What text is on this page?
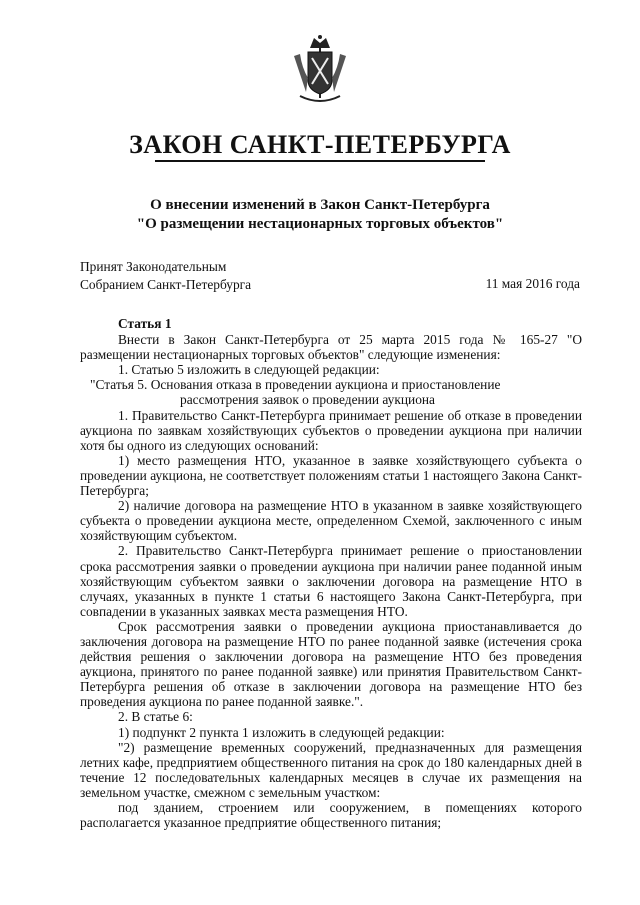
ЗАКОН САНКТ-ПЕТЕРБУРГА
О внесении изменений в Закон Санкт-Петербурга
"О размещении нестационарных торговых объектов"
Принят Законодательным
Собранием Санкт-Петербурга	11 мая 2016 года

Статья 1

Внести в Закон Санкт-Петербурга от 25 марта 2015 года № 165-27 "О размещении нестационарных торговых объектов" следующие изменения:

1. Статью 5 изложить в следующей редакции:

"Статья 5. Основания отказа в проведении аукциона и приостановление

рассмотрения заявок о проведении аукциона

1. Правительство Санкт-Петербурга принимает решение об отказе в проведении аукциона по заявкам хозяйствующих субъектов о проведении аукциона при наличии хотя бы одного из следующих оснований:

1) место размещения НТО, указанное в заявке хозяйствующего субъекта о проведении аукциона, не соответствует положениям статьи 1 настоящего Закона Санкт-Петербурга;

2) наличие договора на размещение НТО в указанном в заявке хозяйствующего субъекта о проведении аукциона месте, определенном Схемой, заключенного с иным хозяйствующим субъектом.

2. Правительство Санкт-Петербурга принимает решение о приостановлении срока рассмотрения заявки о проведении аукциона при наличии ранее поданной иным хозяйствующим субъектом заявки о заключении договора на размещение НТО в случаях, указанных в пункте 1 статьи 6 настоящего Закона Санкт-Петербурга, при совпадении в указанных заявках места размещения НТО.

Срок рассмотрения заявки о проведении аукциона приостанавливается до заключения договора на размещение НТО по ранее поданной заявке (истечения срока действия решения о заключении договора на размещение НТО без проведения аукциона, принятого по ранее поданной заявке) или принятия Правительством Санкт-Петербурга решения об отказе в заключении договора на размещение НТО без проведения аукциона по ранее поданной заявке.".

2. В статье 6:

1) подпункт 2 пункта 1 изложить в следующей редакции:

"2) размещение временных сооружений, предназначенных для размещения летних кафе, предприятием общественного питания на срок до 180 календарных дней в течение 12 последовательных календарных месяцев в случае их размещения на земельном участке, смежном с земельным участком:

под зданием, строением или сооружением, в помещениях которого располагается указанное предприятие общественного питания;
